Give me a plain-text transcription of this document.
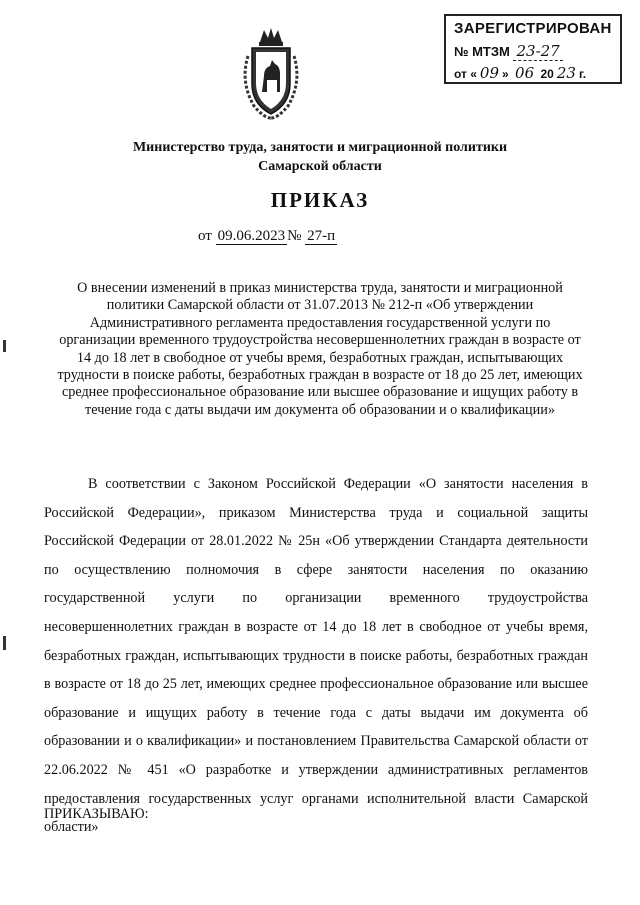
ЗАРЕГИСТРИРОВАН
№ МТЗМ 23-27
от « 09 » 06 20 23 г.
Министерство труда, занятости и миграционной политики
Самарской области
ПРИКАЗ
от 09.06.2023 № 27-п
О внесении изменений в приказ министерства труда, занятости и миграционной политики Самарской области от 31.07.2013 № 212-п «Об утверждении Административного регламента предоставления государственной услуги по организации временного трудоустройства несовершеннолетних граждан в возрасте от 14 до 18 лет в свободное от учебы время, безработных граждан, испытывающих трудности в поиске работы, безработных граждан в возрасте от 18 до 25 лет, имеющих среднее профессиональное образование или высшее образование и ищущих работу в течение года с даты выдачи им документа об образовании и о квалификации»

В соответствии с Законом Российской Федерации «О занятости населения в Российской Федерации», приказом Министерства труда и социальной защиты Российской Федерации от 28.01.2022 № 25н «Об утверждении Стандарта деятельности по осуществлению полномочия в сфере занятости населения по оказанию государственной услуги по организации временного трудоустройства несовершеннолетних граждан в возрасте от 14 до 18 лет в свободное от учебы время, безработных граждан, испытывающих трудности в поиске работы, безработных граждан в возрасте от 18 до 25 лет, имеющих среднее профессиональное образование или высшее образование и ищущих работу в течение года с даты выдачи им документа об образовании и о квалификации» и постановлением Правительства Самарской области от 22.06.2022 № 451 «О разработке и утверждении административных регламентов предоставления государственных услуг органами исполнительной власти Самарской области»

ПРИКАЗЫВАЮ:
